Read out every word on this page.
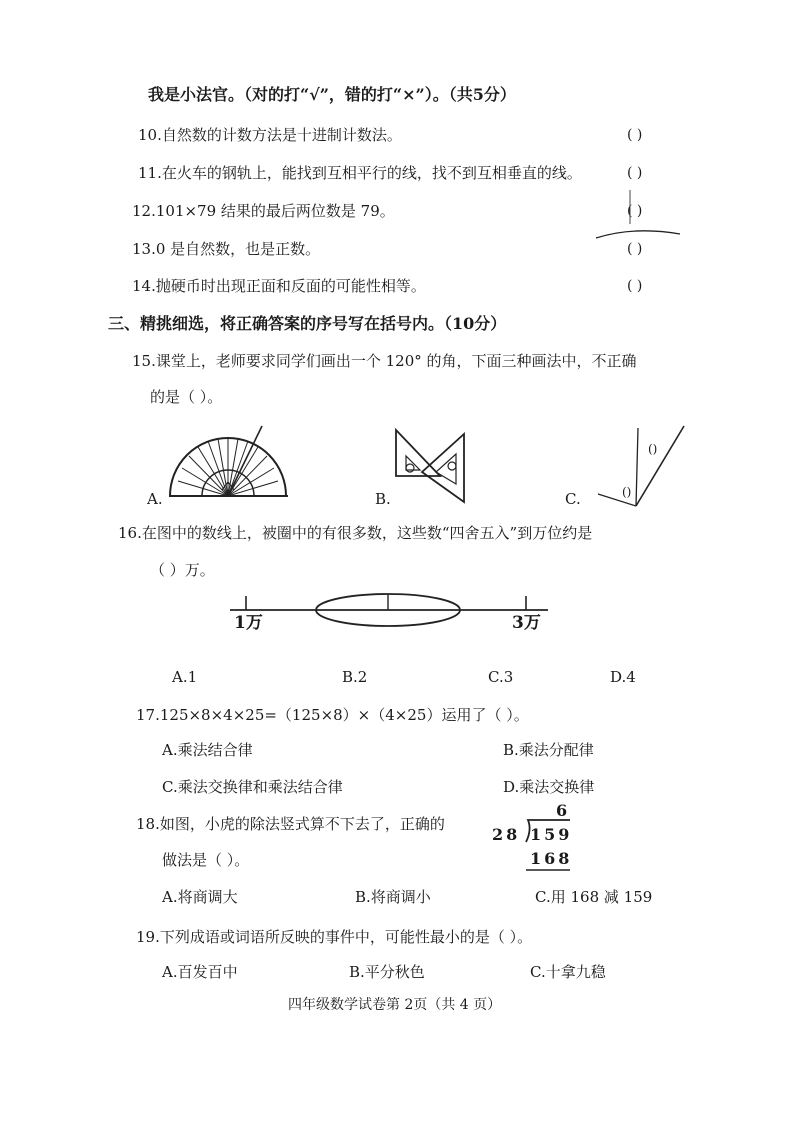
我是小法官。（对的打“√”，错的打“×”）。（共5分）
10.自然数的计数方法是十进制计数法。	( )
11.在火车的钢轨上，能找到互相平行的线，找不到互相垂直的线。	( )
12.101×79 结果的最后两位数是 79。	( )
13.0 是自然数，也是正数。	( )
14.抛硬币时出现正面和反面的可能性相等。	( )
三、精挑细选，将正确答案的序号写在括号内。（10分）
15.课堂上，老师要求同学们画出一个 120° 的角，下面三种画法中，不正确
的是（ ）。
A.	B.	C.
()
()
16.在图中的数线上，被圈中的有很多数，这些数“四舍五入”到万位约是
（ ）万。
1万	3万
A.1	B.2	C.3	D.4
17.125×8×4×25=（125×8）×（4×25）运用了（ ）。
A.乘法结合律	B.乘法分配律
C.乘法交换律和乘法结合律	D.乘法交换律
18.如图，小虎的除法竖式算不下去了，正确的
做法是（ ）。
6
28 159
168
A.将商调大	B.将商调小	C.用 168 减 159
19.下列成语或词语所反映的事件中，可能性最小的是（ ）。
A.百发百中	B.平分秋色	C.十拿九稳
四年级数学试卷第 2页（共 4 页）
